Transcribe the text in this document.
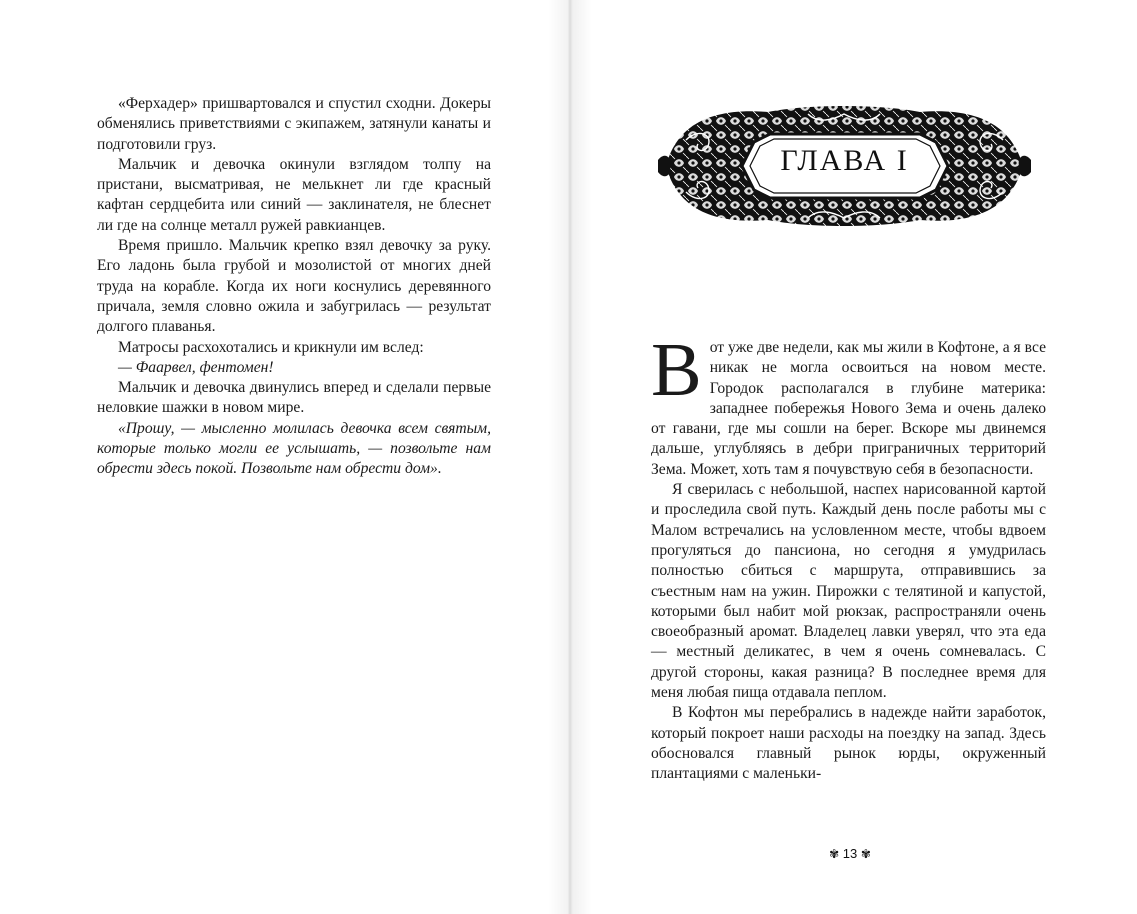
«Ферхадер» пришвартовался и спустил сходни. Докеры обменялись приветствиями с экипажем, затянули канаты и подготовили груз.

Мальчик и девочка окинули взглядом толпу на пристани, высматривая, не мелькнет ли где красный кафтан сердцебита или синий — заклинателя, не блеснет ли где на солнце металл ружей равкианцев.

Время пришло. Мальчик крепко взял девочку за руку. Его ладонь была грубой и мозолистой от многих дней труда на корабле. Когда их ноги коснулись деревянного причала, земля словно ожила и забугрилась — результат долгого плаванья.

Матросы расхохотались и крикнули им вслед:

— Фаарвел, фентомен!

Мальчик и девочка двинулись вперед и сделали первые неловкие шажки в новом мире.

«Прошу, — мысленно молилась девочка всем святым, которые только могли ее услышать, — позвольте нам обрести здесь покой. Позвольте нам обрести дом».

ГЛАВА I

Вот уже две недели, как мы жили в Кофтоне, а я все никак не могла освоиться на новом месте. Городок располагался в глубине материка: западнее побережья Нового Зема и очень далеко от гавани, где мы сошли на берег. Вскоре мы двинемся дальше, углубляясь в дебри приграничных территорий Зема. Может, хоть там я почувствую себя в безопасности.

Я сверилась с небольшой, наспех нарисованной картой и проследила свой путь. Каждый день после работы мы с Малом встречались на условленном месте, чтобы вдвоем прогуляться до пансиона, но сегодня я умудрилась полностью сбиться с маршрута, отправившись за съестным нам на ужин. Пирожки с телятиной и капустой, которыми был набит мой рюкзак, распространяли очень своеобразный аромат. Владелец лавки уверял, что эта еда — местный деликатес, в чем я очень сомневалась. С другой стороны, какая разница? В последнее время для меня любая пища отдавала пеплом.

В Кофтон мы перебрались в надежде найти заработок, который покроет наши расходы на поездку на запад. Здесь обосновался главный рынок юрды, окруженный плантациями с маленьки-

✾ 13 ✾
